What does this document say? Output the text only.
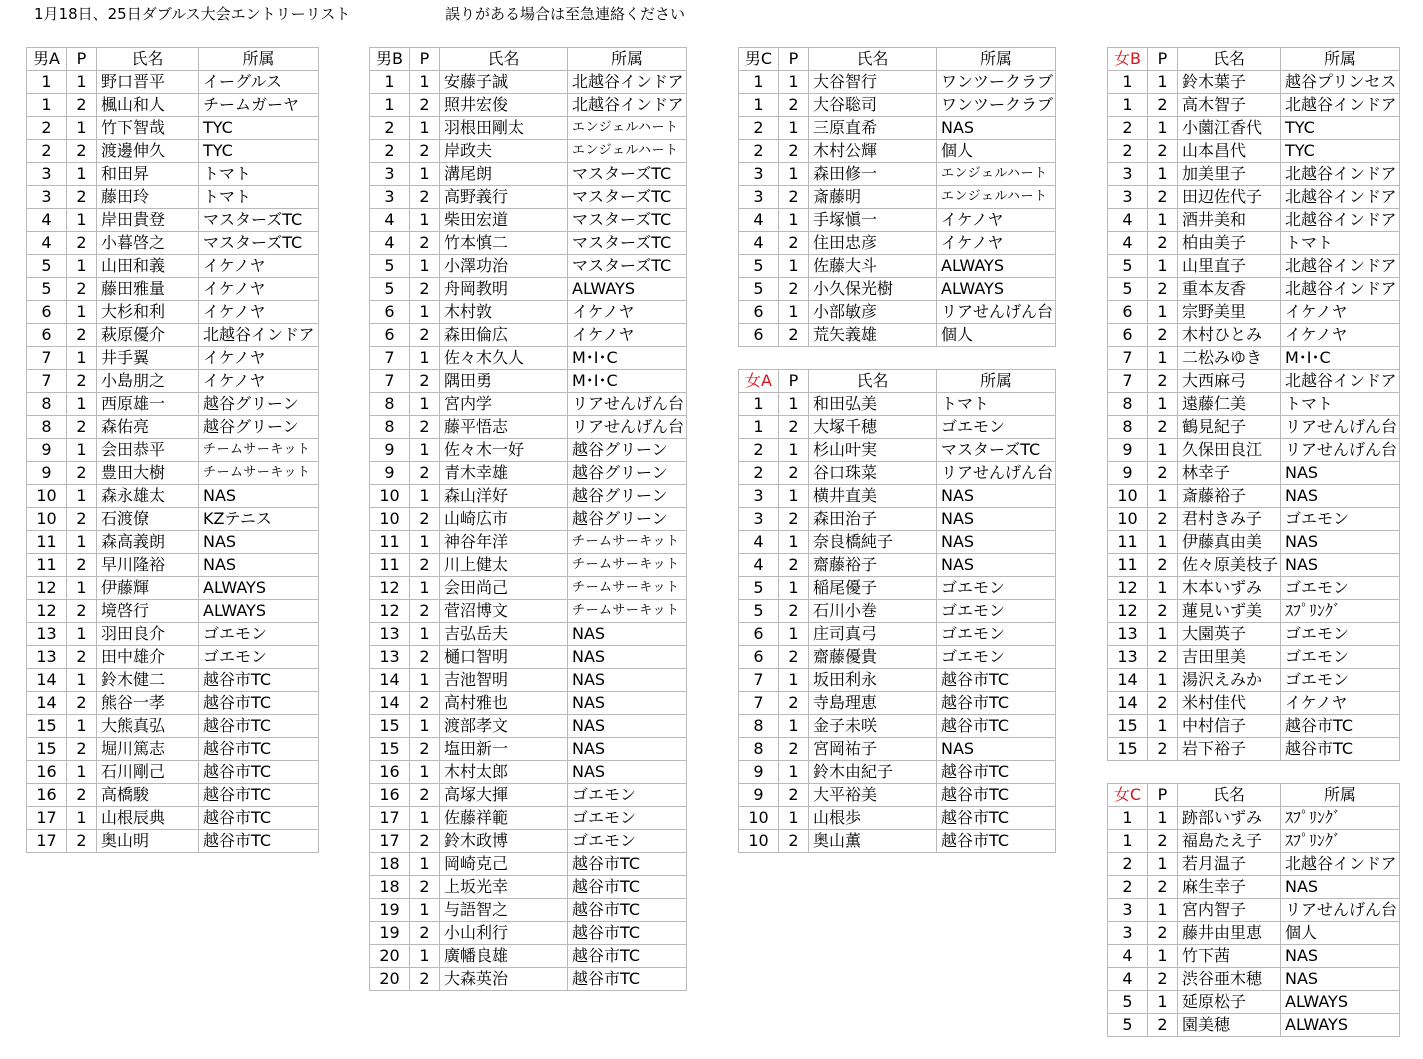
1月18日、25日ダブルス大会エントリーリスト	誤りがある場合は至急連絡ください
男A	P	氏名	所属
1	1	野口晋平	イーグルス
1	2	楓山和人	チームガーヤ
2	1	竹下智哉	TYC
2	2	渡邊伸久	TYC
3	1	和田昇	トマト
3	2	藤田玲	トマト
4	1	岸田貴登	マスターズTC
4	2	小暮啓之	マスターズTC
5	1	山田和義	イケノヤ
5	2	藤田雅量	イケノヤ
6	1	大杉和利	イケノヤ
6	2	萩原優介	北越谷インドア
7	1	井手翼	イケノヤ
7	2	小島朋之	イケノヤ
8	1	西原雄一	越谷グリーン
8	2	森佑亮	越谷グリーン
9	1	会田恭平	チームサーキット
9	2	豊田大樹	チームサーキット
10	1	森永雄太	NAS
10	2	石渡僚	KZテニス
11	1	森高義朗	NAS
11	2	早川隆裕	NAS
12	1	伊藤輝	ALWAYS
12	2	境啓行	ALWAYS
13	1	羽田良介	ゴエモン
13	2	田中雄介	ゴエモン
14	1	鈴木健二	越谷市TC
14	2	熊谷一孝	越谷市TC
15	1	大熊真弘	越谷市TC
15	2	堀川篤志	越谷市TC
16	1	石川剛己	越谷市TC
16	2	高橋駿	越谷市TC
17	1	山根辰典	越谷市TC
17	2	奥山明	越谷市TC
男B	P	氏名	所属
1	1	安藤子誠	北越谷インドア
1	2	照井宏俊	北越谷インドア
2	1	羽根田剛太	エンジェルハート
2	2	岸政夫	エンジェルハート
3	1	溝尾朗	マスターズTC
3	2	高野義行	マスターズTC
4	1	柴田宏道	マスターズTC
4	2	竹本慎二	マスターズTC
5	1	小澤功治	マスターズTC
5	2	舟岡教明	ALWAYS
6	1	木村敦	イケノヤ
6	2	森田倫広	イケノヤ
7	1	佐々木久人	M･I･C
7	2	隅田勇	M･I･C
8	1	宮内学	リアせんげん台
8	2	藤平悟志	リアせんげん台
9	1	佐々木一好	越谷グリーン
9	2	青木幸雄	越谷グリーン
10	1	森山洋好	越谷グリーン
10	2	山崎広市	越谷グリーン
11	1	神谷年洋	チームサーキット
11	2	川上健太	チームサーキット
12	1	会田尚己	チームサーキット
12	2	菅沼博文	チームサーキット
13	1	吉弘岳夫	NAS
13	2	樋口智明	NAS
14	1	吉池智明	NAS
14	2	高村雅也	NAS
15	1	渡部孝文	NAS
15	2	塩田新一	NAS
16	1	木村太郎	NAS
16	2	高塚大揮	ゴエモン
17	1	佐藤祥範	ゴエモン
17	2	鈴木政博	ゴエモン
18	1	岡崎克己	越谷市TC
18	2	上坂光幸	越谷市TC
19	1	与語智之	越谷市TC
19	2	小山利行	越谷市TC
20	1	廣幡良雄	越谷市TC
20	2	大森英治	越谷市TC
男C	P	氏名	所属
1	1	大谷智行	ワンツークラブ
1	2	大谷聡司	ワンツークラブ
2	1	三原直希	NAS
2	2	木村公輝	個人
3	1	森田修一	エンジェルハート
3	2	斎藤明	エンジェルハート
4	1	手塚愼一	イケノヤ
4	2	住田忠彦	イケノヤ
5	1	佐藤大斗	ALWAYS
5	2	小久保光樹	ALWAYS
6	1	小部敏彦	リアせんげん台
6	2	荒矢義雄	個人
女A	P	氏名	所属
1	1	和田弘美	トマト
1	2	大塚千穂	ゴエモン
2	1	杉山叶実	マスターズTC
2	2	谷口珠菜	リアせんげん台
3	1	横井直美	NAS
3	2	森田治子	NAS
4	1	奈良橋純子	NAS
4	2	齋藤裕子	NAS
5	1	稲尾優子	ゴエモン
5	2	石川小巻	ゴエモン
6	1	庄司真弓	ゴエモン
6	2	齋藤優貴	ゴエモン
7	1	坂田利永	越谷市TC
7	2	寺島理恵	越谷市TC
8	1	金子未咲	越谷市TC
8	2	宮岡祐子	NAS
9	1	鈴木由紀子	越谷市TC
9	2	大平裕美	越谷市TC
10	1	山根歩	越谷市TC
10	2	奥山薫	越谷市TC
女B	P	氏名	所属
1	1	鈴木葉子	越谷プリンセス
1	2	高木智子	北越谷インドア
2	1	小薗江香代	TYC
2	2	山本昌代	TYC
3	1	加美里子	北越谷インドア
3	2	田辺佐代子	北越谷インドア
4	1	酒井美和	北越谷インドア
4	2	柏由美子	トマト
5	1	山里直子	北越谷インドア
5	2	重本友香	北越谷インドア
6	1	宗野美里	イケノヤ
6	2	木村ひとみ	イケノヤ
7	1	二松みゆき	M･I･C
7	2	大西麻弓	北越谷インドア
8	1	遠藤仁美	トマト
8	2	鶴見紀子	リアせんげん台
9	1	久保田良江	リアせんげん台
9	2	林幸子	NAS
10	1	斎藤裕子	NAS
10	2	君村きみ子	ゴエモン
11	1	伊藤真由美	NAS
11	2	佐々原美枝子	NAS
12	1	木本いずみ	ゴエモン
12	2	蓮見いず美	ｽﾌﾟﾘﾝｸﾞ
13	1	大園英子	ゴエモン
13	2	吉田里美	ゴエモン
14	1	湯沢えみか	ゴエモン
14	2	米村佳代	イケノヤ
15	1	中村信子	越谷市TC
15	2	岩下裕子	越谷市TC
女C	P	氏名	所属
1	1	跡部いずみ	ｽﾌﾟﾘﾝｸﾞ
1	2	福島たえ子	ｽﾌﾟﾘﾝｸﾞ
2	1	若月温子	北越谷インドア
2	2	麻生幸子	NAS
3	1	宮内智子	リアせんげん台
3	2	藤井由里恵	個人
4	1	竹下茜	NAS
4	2	渋谷亜木穂	NAS
5	1	延原松子	ALWAYS
5	2	園美穂	ALWAYS
